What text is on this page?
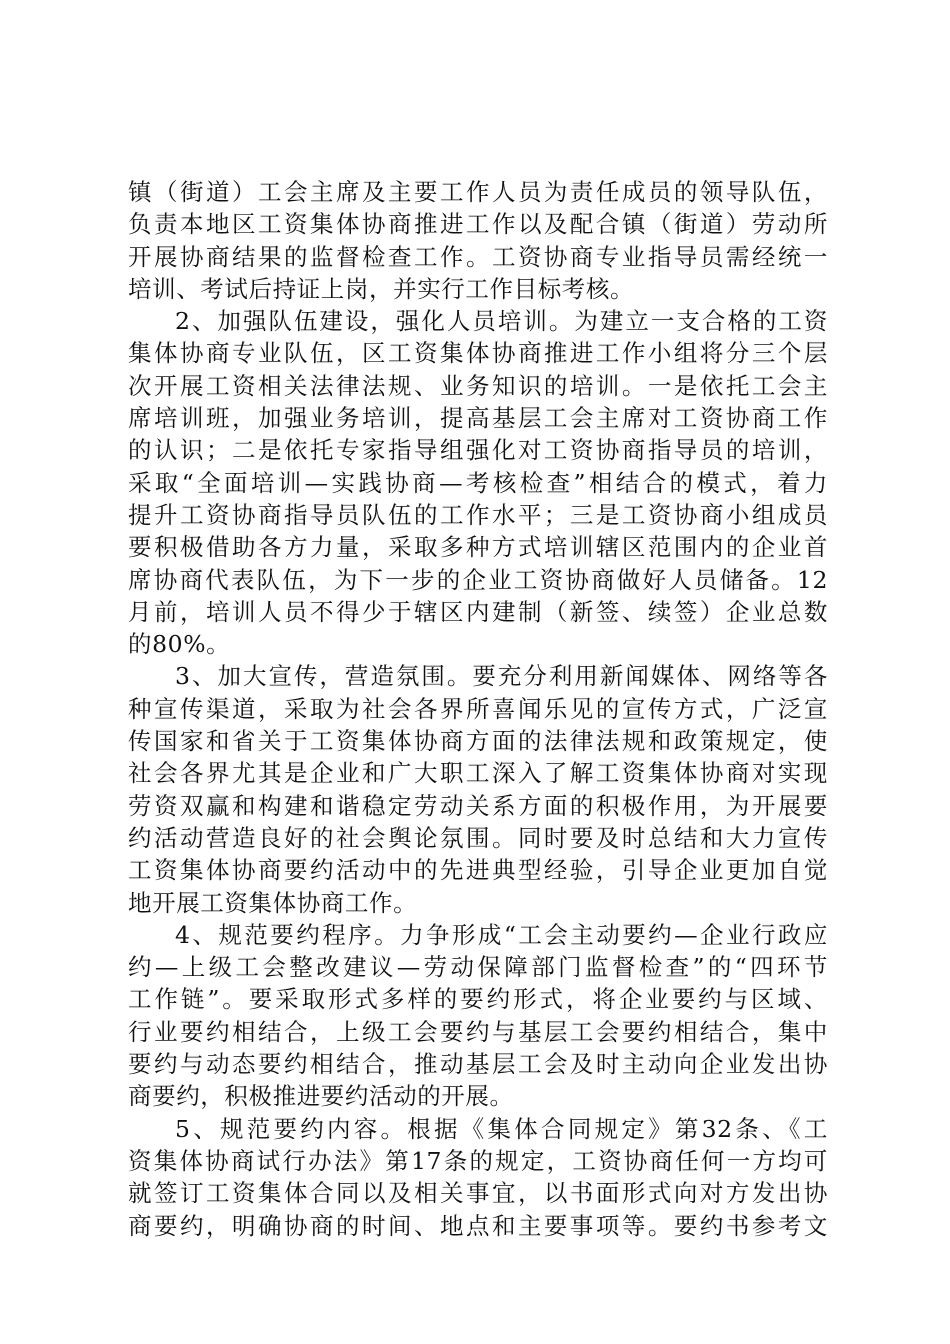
镇（街道）工会主席及主要工作人员为责任成员的领导队伍，
负责本地区工资集体协商推进工作以及配合镇（街道）劳动所
开展协商结果的监督检查工作。工资协商专业指导员需经统一
培训、考试后持证上岗，并实行工作目标考核。
2、加强队伍建设，强化人员培训。为建立一支合格的工资
集体协商专业队伍，区工资集体协商推进工作小组将分三个层
次开展工资相关法律法规、业务知识的培训。一是依托工会主
席培训班，加强业务培训，提高基层工会主席对工资协商工作
的认识；二是依托专家指导组强化对工资协商指导员的培训，
采取“全面培训—实践协商—考核检查”相结合的模式，着力
提升工资协商指导员队伍的工作水平；三是工资协商小组成员
要积极借助各方力量，采取多种方式培训辖区范围内的企业首
席协商代表队伍，为下一步的企业工资协商做好人员储备。12
月前，培训人员不得少于辖区内建制（新签、续签）企业总数
的80%。
3、加大宣传，营造氛围。要充分利用新闻媒体、网络等各
种宣传渠道，采取为社会各界所喜闻乐见的宣传方式，广泛宣
传国家和省关于工资集体协商方面的法律法规和政策规定，使
社会各界尤其是企业和广大职工深入了解工资集体协商对实现
劳资双赢和构建和谐稳定劳动关系方面的积极作用，为开展要
约活动营造良好的社会舆论氛围。同时要及时总结和大力宣传
工资集体协商要约活动中的先进典型经验，引导企业更加自觉
地开展工资集体协商工作。
4、规范要约程序。力争形成“工会主动要约—企业行政应
约—上级工会整改建议—劳动保障部门监督检查”的“四环节
工作链”。要采取形式多样的要约形式，将企业要约与区域、
行业要约相结合，上级工会要约与基层工会要约相结合，集中
要约与动态要约相结合，推动基层工会及时主动向企业发出协
商要约，积极推进要约活动的开展。
5、规范要约内容。根据《集体合同规定》第32条、《工
资集体协商试行办法》第17条的规定，工资协商任何一方均可
就签订工资集体合同以及相关事宜，以书面形式向对方发出协
商要约，明确协商的时间、地点和主要事项等。要约书参考文
